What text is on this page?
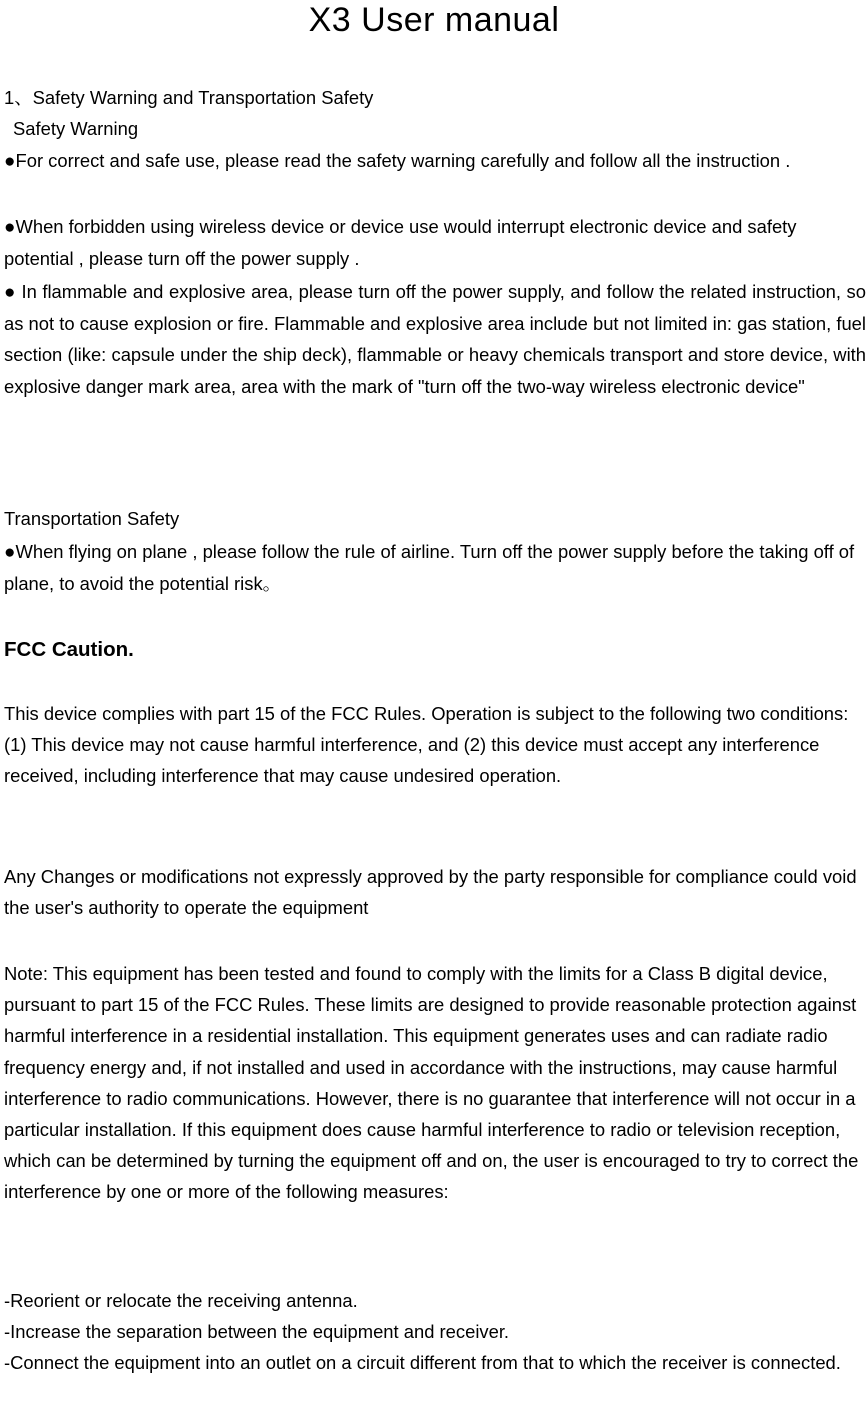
X3 User manual

1、Safety Warning and Transportation Safety

Safety Warning

●For correct and safe use, please read the safety warning carefully and follow all the instruction .

●When forbidden using wireless device or device use would interrupt electronic device and safety potential , please turn off the power supply .

● In flammable and explosive area, please turn off the power supply, and follow the related instruction, so as not to cause explosion or fire. Flammable and explosive area include but not limited in: gas station, fuel section (like: capsule under the ship deck), flammable or heavy chemicals transport and store device, with explosive danger mark area, area with the mark of "turn off the two-way wireless electronic device"

Transportation Safety

●When flying on plane , please follow the rule of airline. Turn off the power supply before the taking off of plane, to avoid the potential risk。

FCC Caution.

This device complies with part 15 of the FCC Rules. Operation is subject to the following two conditions: (1) This device may not cause harmful interference, and (2) this device must accept any interference received, including interference that may cause undesired operation.

Any Changes or modifications not expressly approved by the party responsible for compliance could void the user's authority to operate the equipment

Note: This equipment has been tested and found to comply with the limits for a Class B digital device, pursuant to part 15 of the FCC Rules. These limits are designed to provide reasonable protection against harmful interference in a residential installation. This equipment generates uses and can radiate radio frequency energy and, if not installed and used in accordance with the instructions, may cause harmful interference to radio communications. However, there is no guarantee that interference will not occur in a particular installation. If this equipment does cause harmful interference to radio or television reception, which can be determined by turning the equipment off and on, the user is encouraged to try to correct the interference by one or more of the following measures:

-Reorient or relocate the receiving antenna.

-Increase the separation between the equipment and receiver.

-Connect the equipment into an outlet on a circuit different from that to which the receiver is connected.
